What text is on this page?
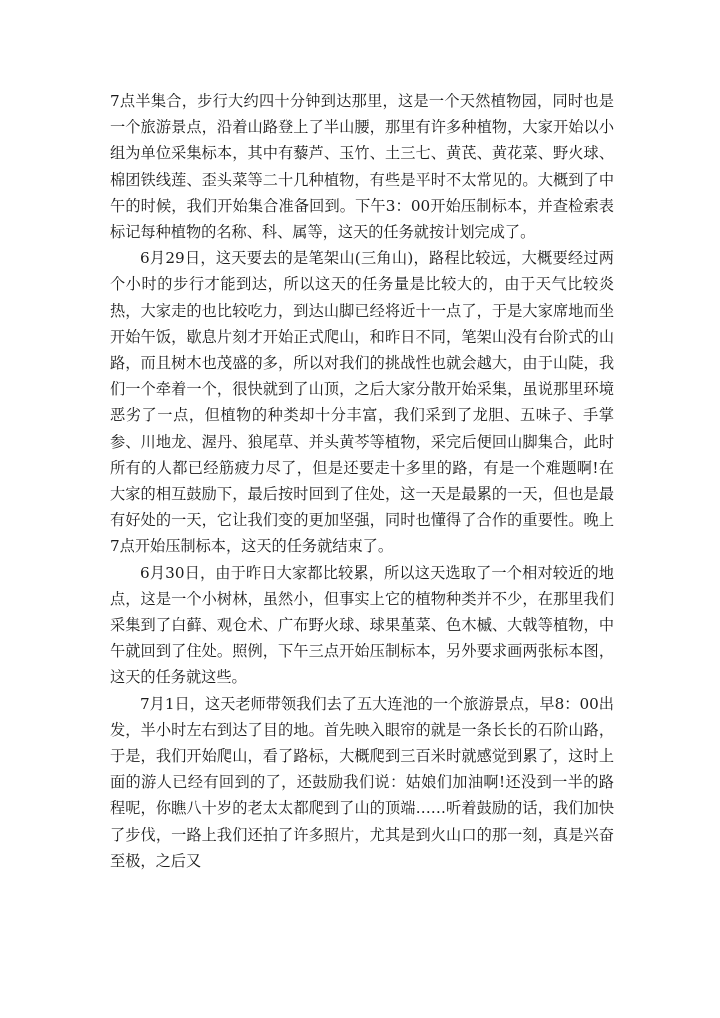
7点半集合，步行大约四十分钟到达那里，这是一个天然植物园，同时也是一个旅游景点，沿着山路登上了半山腰，那里有许多种植物，大家开始以小组为单位采集标本，其中有藜芦、玉竹、土三七、黄芪、黄花菜、野火球、棉团铁线莲、歪头菜等二十几种植物，有些是平时不太常见的。大概到了中午的时候，我们开始集合准备回到。下午3：00开始压制标本，并查检索表标记每种植物的名称、科、属等，这天的任务就按计划完成了。

6月29日，这天要去的是笔架山(三角山)，路程比较远，大概要经过两个小时的步行才能到达，所以这天的任务量是比较大的，由于天气比较炎热，大家走的也比较吃力，到达山脚已经将近十一点了，于是大家席地而坐开始午饭，歇息片刻才开始正式爬山，和昨日不同，笔架山没有台阶式的山路，而且树木也茂盛的多，所以对我们的挑战性也就会越大，由于山陡，我们一个牵着一个，很快就到了山顶，之后大家分散开始采集，虽说那里环境恶劣了一点，但植物的种类却十分丰富，我们采到了龙胆、五味子、手掌参、川地龙、渥丹、狼尾草、并头黄芩等植物，采完后便回山脚集合，此时所有的人都已经筋疲力尽了，但是还要走十多里的路，有是一个难题啊!在大家的相互鼓励下，最后按时回到了住处，这一天是最累的一天，但也是最有好处的一天，它让我们变的更加坚强，同时也懂得了合作的重要性。晚上7点开始压制标本，这天的任务就结束了。

6月30日，由于昨日大家都比较累，所以这天选取了一个相对较近的地点，这是一个小树林，虽然小，但事实上它的植物种类并不少，在那里我们采集到了白藓、观仓术、广布野火球、球果堇菜、色木槭、大戟等植物，中午就回到了住处。照例，下午三点开始压制标本，另外要求画两张标本图，这天的任务就这些。

7月1日，这天老师带领我们去了五大连池的一个旅游景点，早8：00出发，半小时左右到达了目的地。首先映入眼帘的就是一条长长的石阶山路，于是，我们开始爬山，看了路标，大概爬到三百米时就感觉到累了，这时上面的游人已经有回到的了，还鼓励我们说：姑娘们加油啊!还没到一半的路程呢，你瞧八十岁的老太太都爬到了山的顶端……听着鼓励的话，我们加快了步伐，一路上我们还拍了许多照片，尤其是到火山口的那一刻，真是兴奋至极，之后又
